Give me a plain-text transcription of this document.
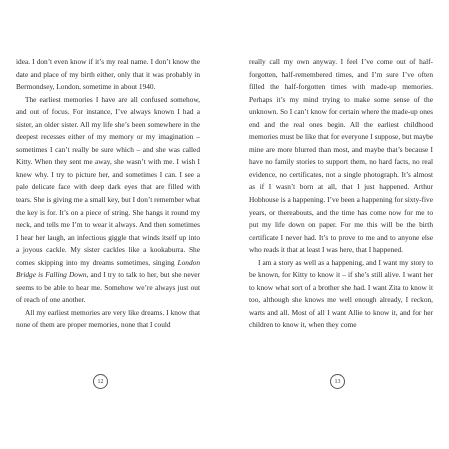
idea. I don’t even know if it’s my real name. I don’t know the date and place of my birth either, only that it was probably in Bermondsey, London, sometime in about 1940.

The earliest memories I have are all confused somehow, and out of focus. For instance, I’ve always known I had a sister, an older sister. All my life she’s been somewhere in the deepest recesses either of my memory or my imagination – sometimes I can’t really be sure which – and she was called Kitty. When they sent me away, she wasn’t with me. I wish I knew why. I try to picture her, and sometimes I can. I see a pale delicate face with deep dark eyes that are filled with tears. She is giving me a small key, but I don’t remember what the key is for. It’s on a piece of string. She hangs it round my neck, and tells me I’m to wear it always. And then sometimes I hear her laugh, an infectious giggle that winds itself up into a joyous cackle. My sister cackles like a kookaburra. She comes skipping into my dreams sometimes, singing London Bridge is Falling Down, and I try to talk to her, but she never seems to be able to hear me. Somehow we’re always just out of reach of one another.

All my earliest memories are very like dreams. I know that none of them are proper memories, none that I could

12

really call my own anyway. I feel I’ve come out of half-forgotten, half-remembered times, and I’m sure I’ve often filled the half-forgotten times with made-up memories. Perhaps it’s my mind trying to make some sense of the unknown. So I can’t know for certain where the made-up ones end and the real ones begin. All the earliest childhood memories must be like that for everyone I suppose, but maybe mine are more blurred than most, and maybe that’s because I have no family stories to support them, no hard facts, no real evidence, no certificates, not a single photograph. It’s almost as if I wasn’t born at all, that I just happened. Arthur Hobhouse is a happening. I’ve been a happening for sixty-five years, or thereabouts, and the time has come now for me to put my life down on paper. For me this will be the birth certificate I never had. It’s to prove to me and to anyone else who reads it that at least I was here, that I happened.

I am a story as well as a happening, and I want my story to be known, for Kitty to know it – if she’s still alive. I want her to know what sort of a brother she had. I want Zita to know it too, although she knows me well enough already, I reckon, warts and all. Most of all I want Allie to know it, and for her children to know it, when they come

13
